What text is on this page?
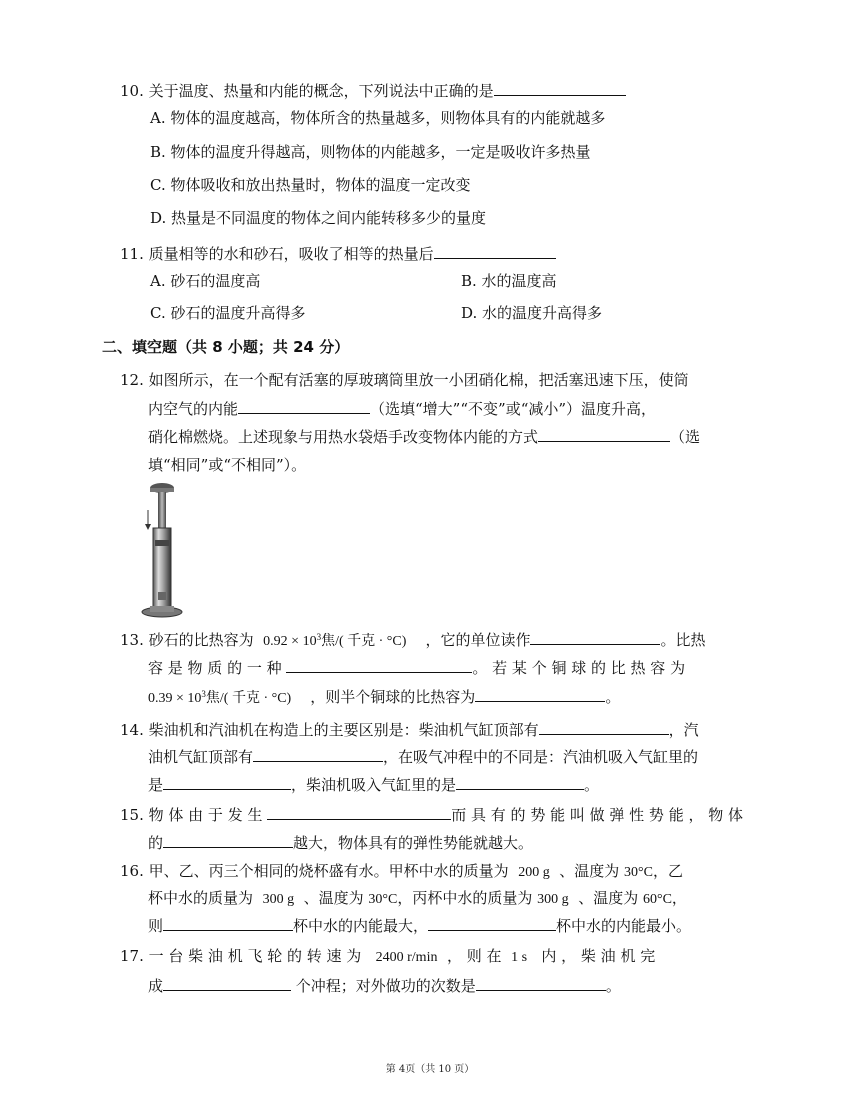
10. 关于温度、热量和内能的概念，下列说法中正确的是
A. 物体的温度越高，物体所含的热量越多，则物体具有的内能就越多
B. 物体的温度升得越高，则物体的内能越多，一定是吸收许多热量
C. 物体吸收和放出热量时，物体的温度一定改变
D. 热量是不同温度的物体之间内能转移多少的量度
11. 质量相等的水和砂石，吸收了相等的热量后
A. 砂石的温度高	B. 水的温度高
C. 砂石的温度升高得多	D. 水的温度升高得多
二、填空题（共 8 小题；共 24 分）
12. 如图所示，在一个配有活塞的厚玻璃筒里放一小团硝化棉，把活塞迅速下压，使筒
内空气的内能	（选填“增大”“不变”或“减小”）温度升高，
硝化棉燃烧。上述现象与用热水袋焐手改变物体内能的方式	（选
填“相同”或“不相同”）。
13. 砂石的比热容为 $0.92 \times 10^3$焦/( 千克 · °C) ，它的单位读作	。比热
容 是 物 质 的 一 种	。 若 某 个 铜 球 的 比 热 容 为
$0.39 \times 10^3$焦/( 千克 · °C) ，则半个铜球的比热容为	。
14. 柴油机和汽油机在构造上的主要区别是：柴油机气缸顶部有	，汽
油机气缸顶部有	，在吸气冲程中的不同是：汽油机吸入气缸里的
是	，柴油机吸入气缸里的是	。
15. 物 体 由 于 发 生	而 具 有 的 势 能 叫 做 弹 性 势 能 ， 物 体
的	越大，物体具有的弹性势能就越大。
16. 甲、乙、丙三个相同的烧杯盛有水。甲杯中水的质量为 200 g 、温度为 30°C，乙
杯中水的质量为 300 g 、温度为 30°C，丙杯中水的质量为 300 g 、温度为 60°C，
则	杯中水的内能最大，	杯中水的内能最小。
17. 一 台 柴 油 机 飞 轮 的 转 速 为 2400 r/min ， 则 在 1 s 内 ， 柴 油 机 完
成	个冲程；对外做功的次数是	。
第 4页（共 10 页）
